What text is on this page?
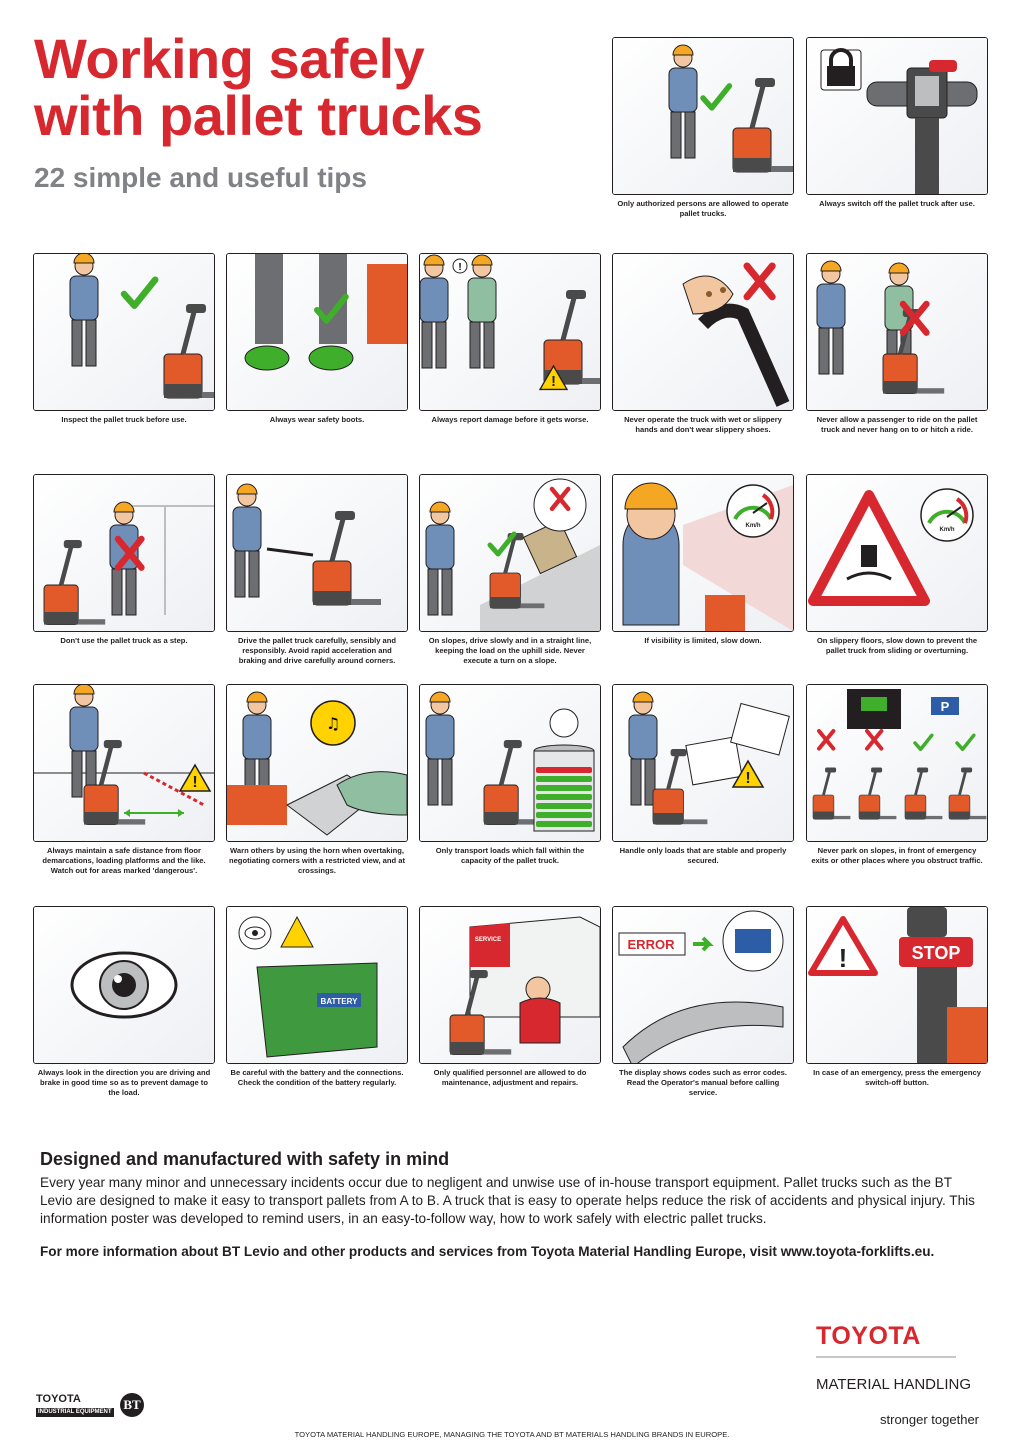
Working safely
with pallet trucks
22 simple and useful tips
Only authorized persons are allowed to operate pallet trucks.
Always switch off the pallet truck after use.
Inspect the pallet truck before use.	Always wear safety boots.
!
!
Always report damage before it gets worse.	Never operate the truck with wet or slippery hands and don't wear slippery shoes.
Never allow a passenger to ride on the pallet truck and never hang on to or hitch a ride.
Don't use the pallet truck as a step.	Drive the pallet truck carefully, sensibly and responsibly. Avoid rapid acceleration and braking and drive carefully around corners.
On slopes, drive slowly and in a straight line, keeping the load on the uphill side. Never execute a turn on a slope.
Km/h
If visibility is limited, slow down.
Km/h
On slippery floors, slow down to prevent the pallet truck from sliding or overturning.
!
Always maintain a safe distance from floor demarcations, loading platforms and the like. Watch out for areas marked 'dangerous'.
♫
Warn others by using the horn when overtaking, negotiating corners with a restricted view, and at crossings.
Only transport loads which fall within the capacity of the pallet truck.
!
Handle only loads that are stable and properly secured.
P
Never park on slopes, in front of emergency exits or other places where you obstruct traffic.
Always look in the direction you are driving and brake in good time so as to prevent damage to the load.
BATTERY
Be careful with the battery and the connections. Check the condition of the battery regularly.
SERVICE
Only qualified personnel are allowed to do maintenance, adjustment and repairs.
ERROR
The display shows codes such as error codes. Read the Operator's manual before calling service.
!	STOP
In case of an emergency, press the emergency switch-off button.
Designed and manufactured with safety in mind

Every year many minor and unnecessary incidents occur due to negligent and unwise use of in-house transport equipment. Pallet trucks such as the BT Levio are designed to make it easy to transport pallets from A to B. A truck that is easy to operate helps reduce the risk of accidents and physical injury. This information poster was developed to remind users, in an easy-to-follow way, how to work safely with electric pallet trucks.

For more information about BT Levio and other products and services from Toyota Material Handling Europe, visit www.toyota-forklifts.eu.

TOYOTA
MATERIAL HANDLING
stronger together
TOYOTA
INDUSTRIAL EQUIPMENT BT
TOYOTA MATERIAL HANDLING EUROPE, MANAGING THE TOYOTA AND BT MATERIALS HANDLING BRANDS IN EUROPE.
